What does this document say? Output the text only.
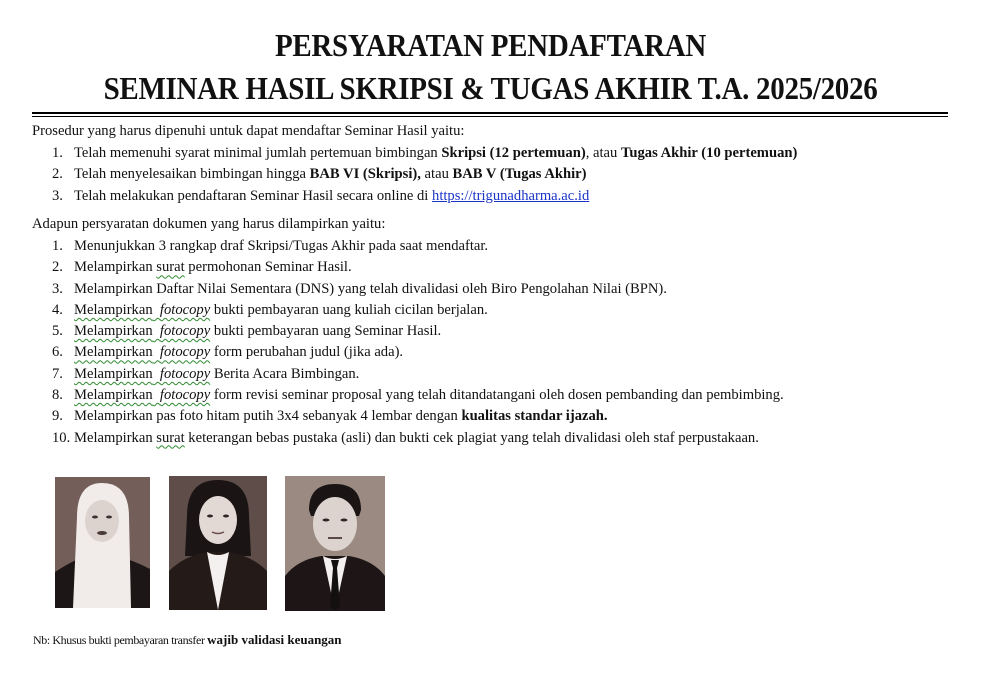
PERSYARATAN PENDAFTARAN
SEMINAR HASIL SKRIPSI & TUGAS AKHIR T.A. 2025/2026
Prosedur yang harus dipenuhi untuk dapat mendaftar Seminar Hasil yaitu:
1. Telah memenuhi syarat minimal jumlah pertemuan bimbingan Skripsi (12 pertemuan), atau Tugas Akhir (10 pertemuan)
2. Telah menyelesaikan bimbingan hingga BAB VI (Skripsi), atau BAB V (Tugas Akhir)
3. Telah melakukan pendaftaran Seminar Hasil secara online di https://trigunadharma.ac.id
Adapun persyaratan dokumen yang harus dilampirkan yaitu:
1. Menunjukkan 3 rangkap draf Skripsi/Tugas Akhir pada saat mendaftar.
2. Melampirkan surat permohonan Seminar Hasil.
3. Melampirkan Daftar Nilai Sementara (DNS) yang telah divalidasi oleh Biro Pengolahan Nilai (BPN).
4. Melampirkan fotocopy bukti pembayaran uang kuliah cicilan berjalan.
5. Melampirkan fotocopy bukti pembayaran uang Seminar Hasil.
6. Melampirkan fotocopy form perubahan judul (jika ada).
7. Melampirkan fotocopy Berita Acara Bimbingan.
8. Melampirkan fotocopy form revisi seminar proposal yang telah ditandatangani oleh dosen pembanding dan pembimbing.
9. Melampirkan pas foto hitam putih 3x4 sebanyak 4 lembar dengan kualitas standar ijazah.
10. Melampirkan surat keterangan bebas pustaka (asli) dan bukti cek plagiat yang telah divalidasi oleh staf perpustakaan.
Nb: Khusus bukti pembayaran transfer wajib validasi keuangan
